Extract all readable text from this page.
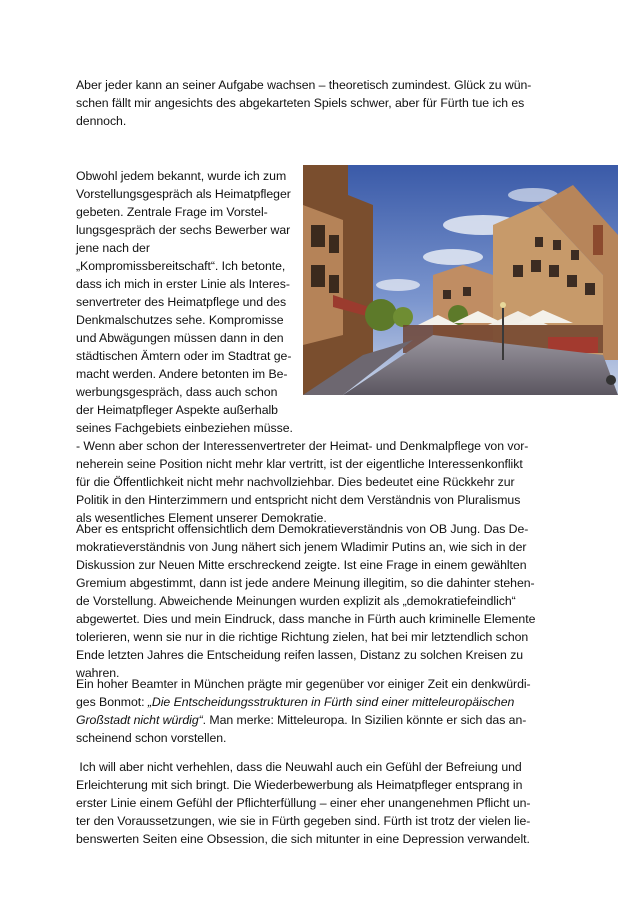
Aber jeder kann an seiner Aufgabe wachsen – theoretisch zumindest. Glück zu wün-
schen fällt mir angesichts des abgekarteten Spiels schwer, aber für Fürth tue ich es
dennoch.
Obwohl jedem bekannt, wurde ich zum
Vorstellungsgespräch als Heimatpfleger
gebeten. Zentrale Frage im Vorstel-
lungsgespräch der sechs Bewerber war
jene nach der
„Kompromissbereitschaft“. Ich betonte,
dass ich mich in erster Linie als Interes-
senvertreter des Heimatpflege und des
Denkmalschutzes sehe. Kompromisse
und Abwägungen müssen dann in den
städtischen Ämtern oder im Stadtrat ge-
macht werden. Andere betonten im Be-
werbungsgespräch, dass auch schon
der Heimatpfleger Aspekte außerhalb
seines Fachgebiets einbeziehen müsse.
- Wenn aber schon der Interessenvertreter der Heimat- und Denkmalpflege von vor-
neherein seine Position nicht mehr klar vertritt, ist der eigentliche Interessenkonflikt
für die Öffentlichkeit nicht mehr nachvollziehbar. Dies bedeutet eine Rückkehr zur
Politik in den Hinterzimmern und entspricht nicht dem Verständnis von Pluralismus
als wesentliches Element unserer Demokratie.
Aber es entspricht offensichtlich dem Demokratieverständnis von OB Jung. Das De-
mokratieverständnis von Jung nähert sich jenem Wladimir Putins an, wie sich in der
Diskussion zur Neuen Mitte erschreckend zeigte. Ist eine Frage in einem gewählten
Gremium abgestimmt, dann ist jede andere Meinung illegitim, so die dahinter stehen-
de Vorstellung. Abweichende Meinungen wurden explizit als „demokratiefeindlich“
abgewertet. Dies und mein Eindruck, dass manche in Fürth auch kriminelle Elemente
tolerieren, wenn sie nur in die richtige Richtung zielen, hat bei mir letztendlich schon
Ende letzten Jahres die Entscheidung reifen lassen, Distanz zu solchen Kreisen zu
wahren.
Ein hoher Beamter in München prägte mir gegenüber vor einiger Zeit ein denkwürdi-
ges Bonmot: „Die Entscheidungsstrukturen in Fürth sind einer mitteleuropäischen
Großstadt nicht würdig“. Man merke: Mitteleuropa. In Sizilien könnte er sich das an-
scheinend schon vorstellen.
Ich will aber nicht verhehlen, dass die Neuwahl auch ein Gefühl der Befreiung und
Erleichterung mit sich bringt. Die Wiederbewerbung als Heimatpfleger entsprang in
erster Linie einem Gefühl der Pflichterfüllung – einer eher unangenehmen Pflicht un-
ter den Voraussetzungen, wie sie in Fürth gegeben sind. Fürth ist trotz der vielen lie-
benswerten Seiten eine Obsession, die sich mitunter in eine Depression verwandelt.
